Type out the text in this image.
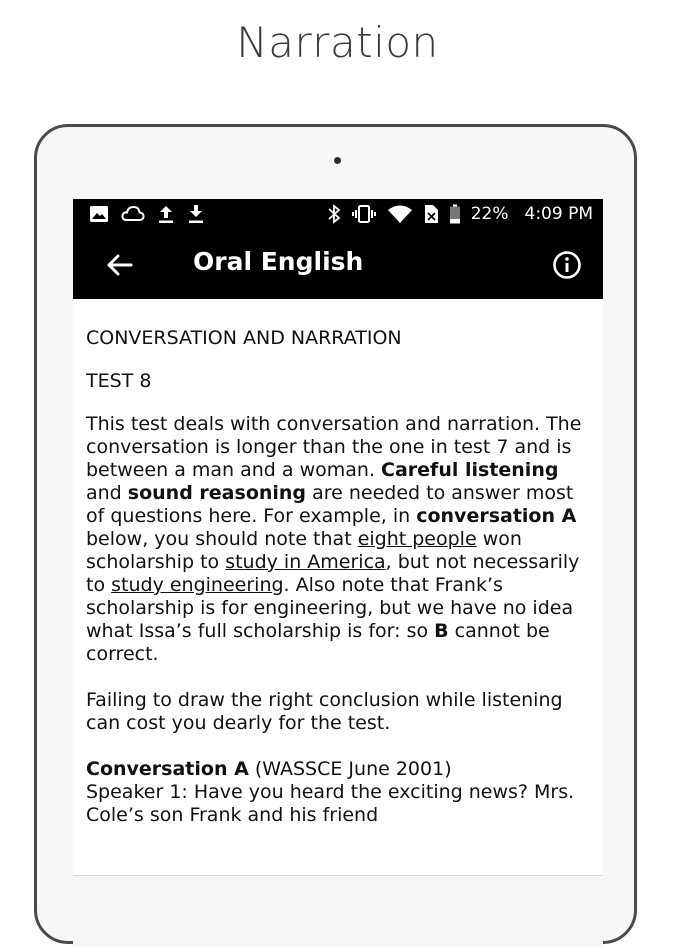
Narration
22% 4:09 PM
Oral English

CONVERSATION AND NARRATION

TEST 8

This test deals with conversation and narration. The conversation is longer than the one in test 7 and is between a man and a woman. Careful listening and sound reasoning are needed to answer most of questions here. For example, in conversation A below, you should note that eight people won scholarship to study in America, but not necessarily to study engineering. Also note that Frank’s scholarship is for engineering, but we have no idea what Issa’s full scholarship is for: so B cannot be correct.

Failing to draw the right conclusion while listening can cost you dearly for the test.

Conversation A (WASSCE June 2001)
Speaker 1: Have you heard the exciting news? Mrs. Cole’s son Frank and his friend
